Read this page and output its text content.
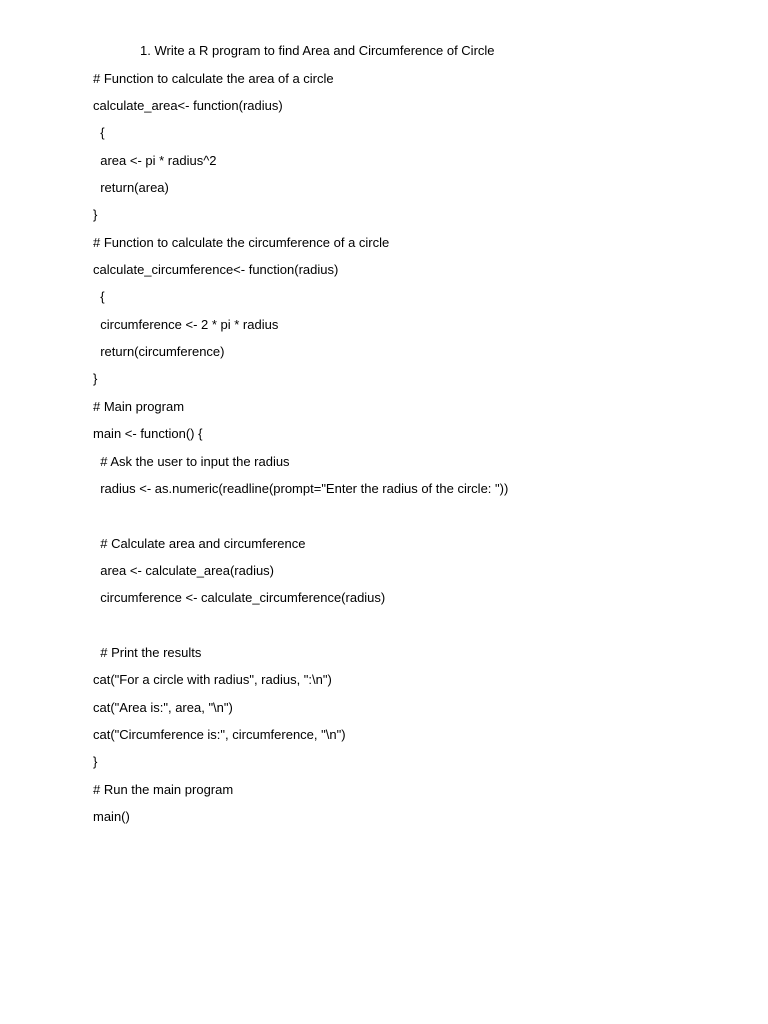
1. Write a R program to find Area and Circumference of Circle
# Function to calculate the area of a circle
calculate_area<- function(radius)
{
area <- pi * radius^2
return(area)
}
# Function to calculate the circumference of a circle
calculate_circumference<- function(radius)
{
circumference <- 2 * pi * radius
return(circumference)
}
# Main program
main <- function() {
# Ask the user to input the radius
radius <- as.numeric(readline(prompt="Enter the radius of the circle: "))
# Calculate area and circumference
area <- calculate_area(radius)
circumference <- calculate_circumference(radius)
# Print the results
cat("For a circle with radius", radius, ":\n")
cat("Area is:", area, "\n")
cat("Circumference is:", circumference, "\n")
}
# Run the main program
main()
